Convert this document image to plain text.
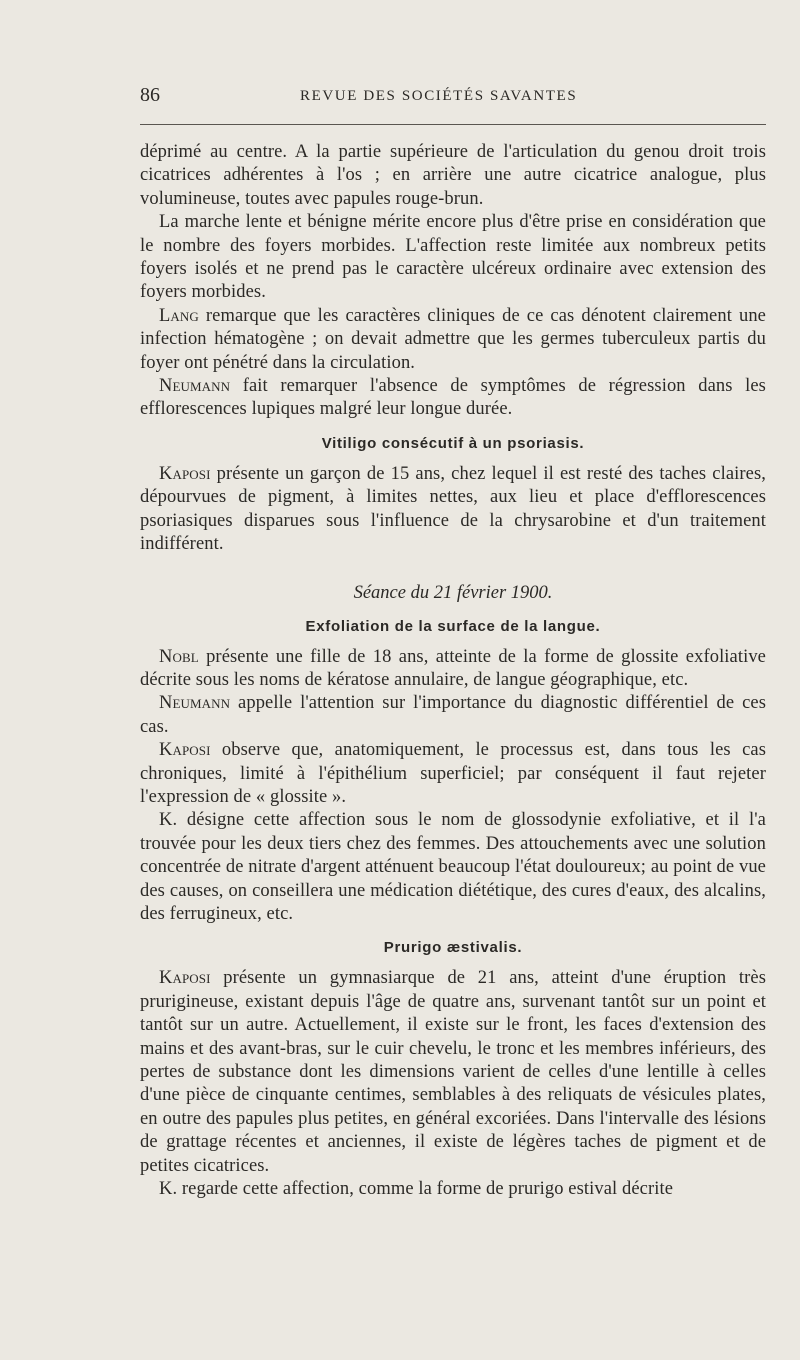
86	REVUE DES SOCIÉTÉS SAVANTES

déprimé au centre. A la partie supérieure de l'articulation du genou droit trois cicatrices adhérentes à l'os ; en arrière une autre cicatrice analogue, plus volumineuse, toutes avec papules rouge-brun.

La marche lente et bénigne mérite encore plus d'être prise en considération que le nombre des foyers morbides. L'affection reste limitée aux nombreux petits foyers isolés et ne prend pas le caractère ulcéreux ordinaire avec extension des foyers morbides.

Lang remarque que les caractères cliniques de ce cas dénotent clairement une infection hématogène ; on devait admettre que les germes tuberculeux partis du foyer ont pénétré dans la circulation.

Neumann fait remarquer l'absence de symptômes de régression dans les efflorescences lupiques malgré leur longue durée.

Vitiligo consécutif à un psoriasis.

Kaposi présente un garçon de 15 ans, chez lequel il est resté des taches claires, dépourvues de pigment, à limites nettes, aux lieu et place d'efflorescences psoriasiques disparues sous l'influence de la chrysarobine et d'un traitement indifférent.

Séance du 21 février 1900.
Exfoliation de la surface de la langue.

Nobl présente une fille de 18 ans, atteinte de la forme de glossite exfoliative décrite sous les noms de kératose annulaire, de langue géographique, etc.

Neumann appelle l'attention sur l'importance du diagnostic différentiel de ces cas.

Kaposi observe que, anatomiquement, le processus est, dans tous les cas chroniques, limité à l'épithélium superficiel; par conséquent il faut rejeter l'expression de « glossite ».

K. désigne cette affection sous le nom de glossodynie exfoliative, et il l'a trouvée pour les deux tiers chez des femmes. Des attouchements avec une solution concentrée de nitrate d'argent atténuent beaucoup l'état douloureux; au point de vue des causes, on conseillera une médication diététique, des cures d'eaux, des alcalins, des ferrugineux, etc.

Prurigo æstivalis.

Kaposi présente un gymnasiarque de 21 ans, atteint d'une éruption très prurigineuse, existant depuis l'âge de quatre ans, survenant tantôt sur un point et tantôt sur un autre. Actuellement, il existe sur le front, les faces d'extension des mains et des avant-bras, sur le cuir chevelu, le tronc et les membres inférieurs, des pertes de substance dont les dimensions varient de celles d'une lentille à celles d'une pièce de cinquante centimes, semblables à des reliquats de vésicules plates, en outre des papules plus petites, en général excoriées. Dans l'intervalle des lésions de grattage récentes et anciennes, il existe de légères taches de pigment et de petites cicatrices.

K. regarde cette affection, comme la forme de prurigo estival décrite
